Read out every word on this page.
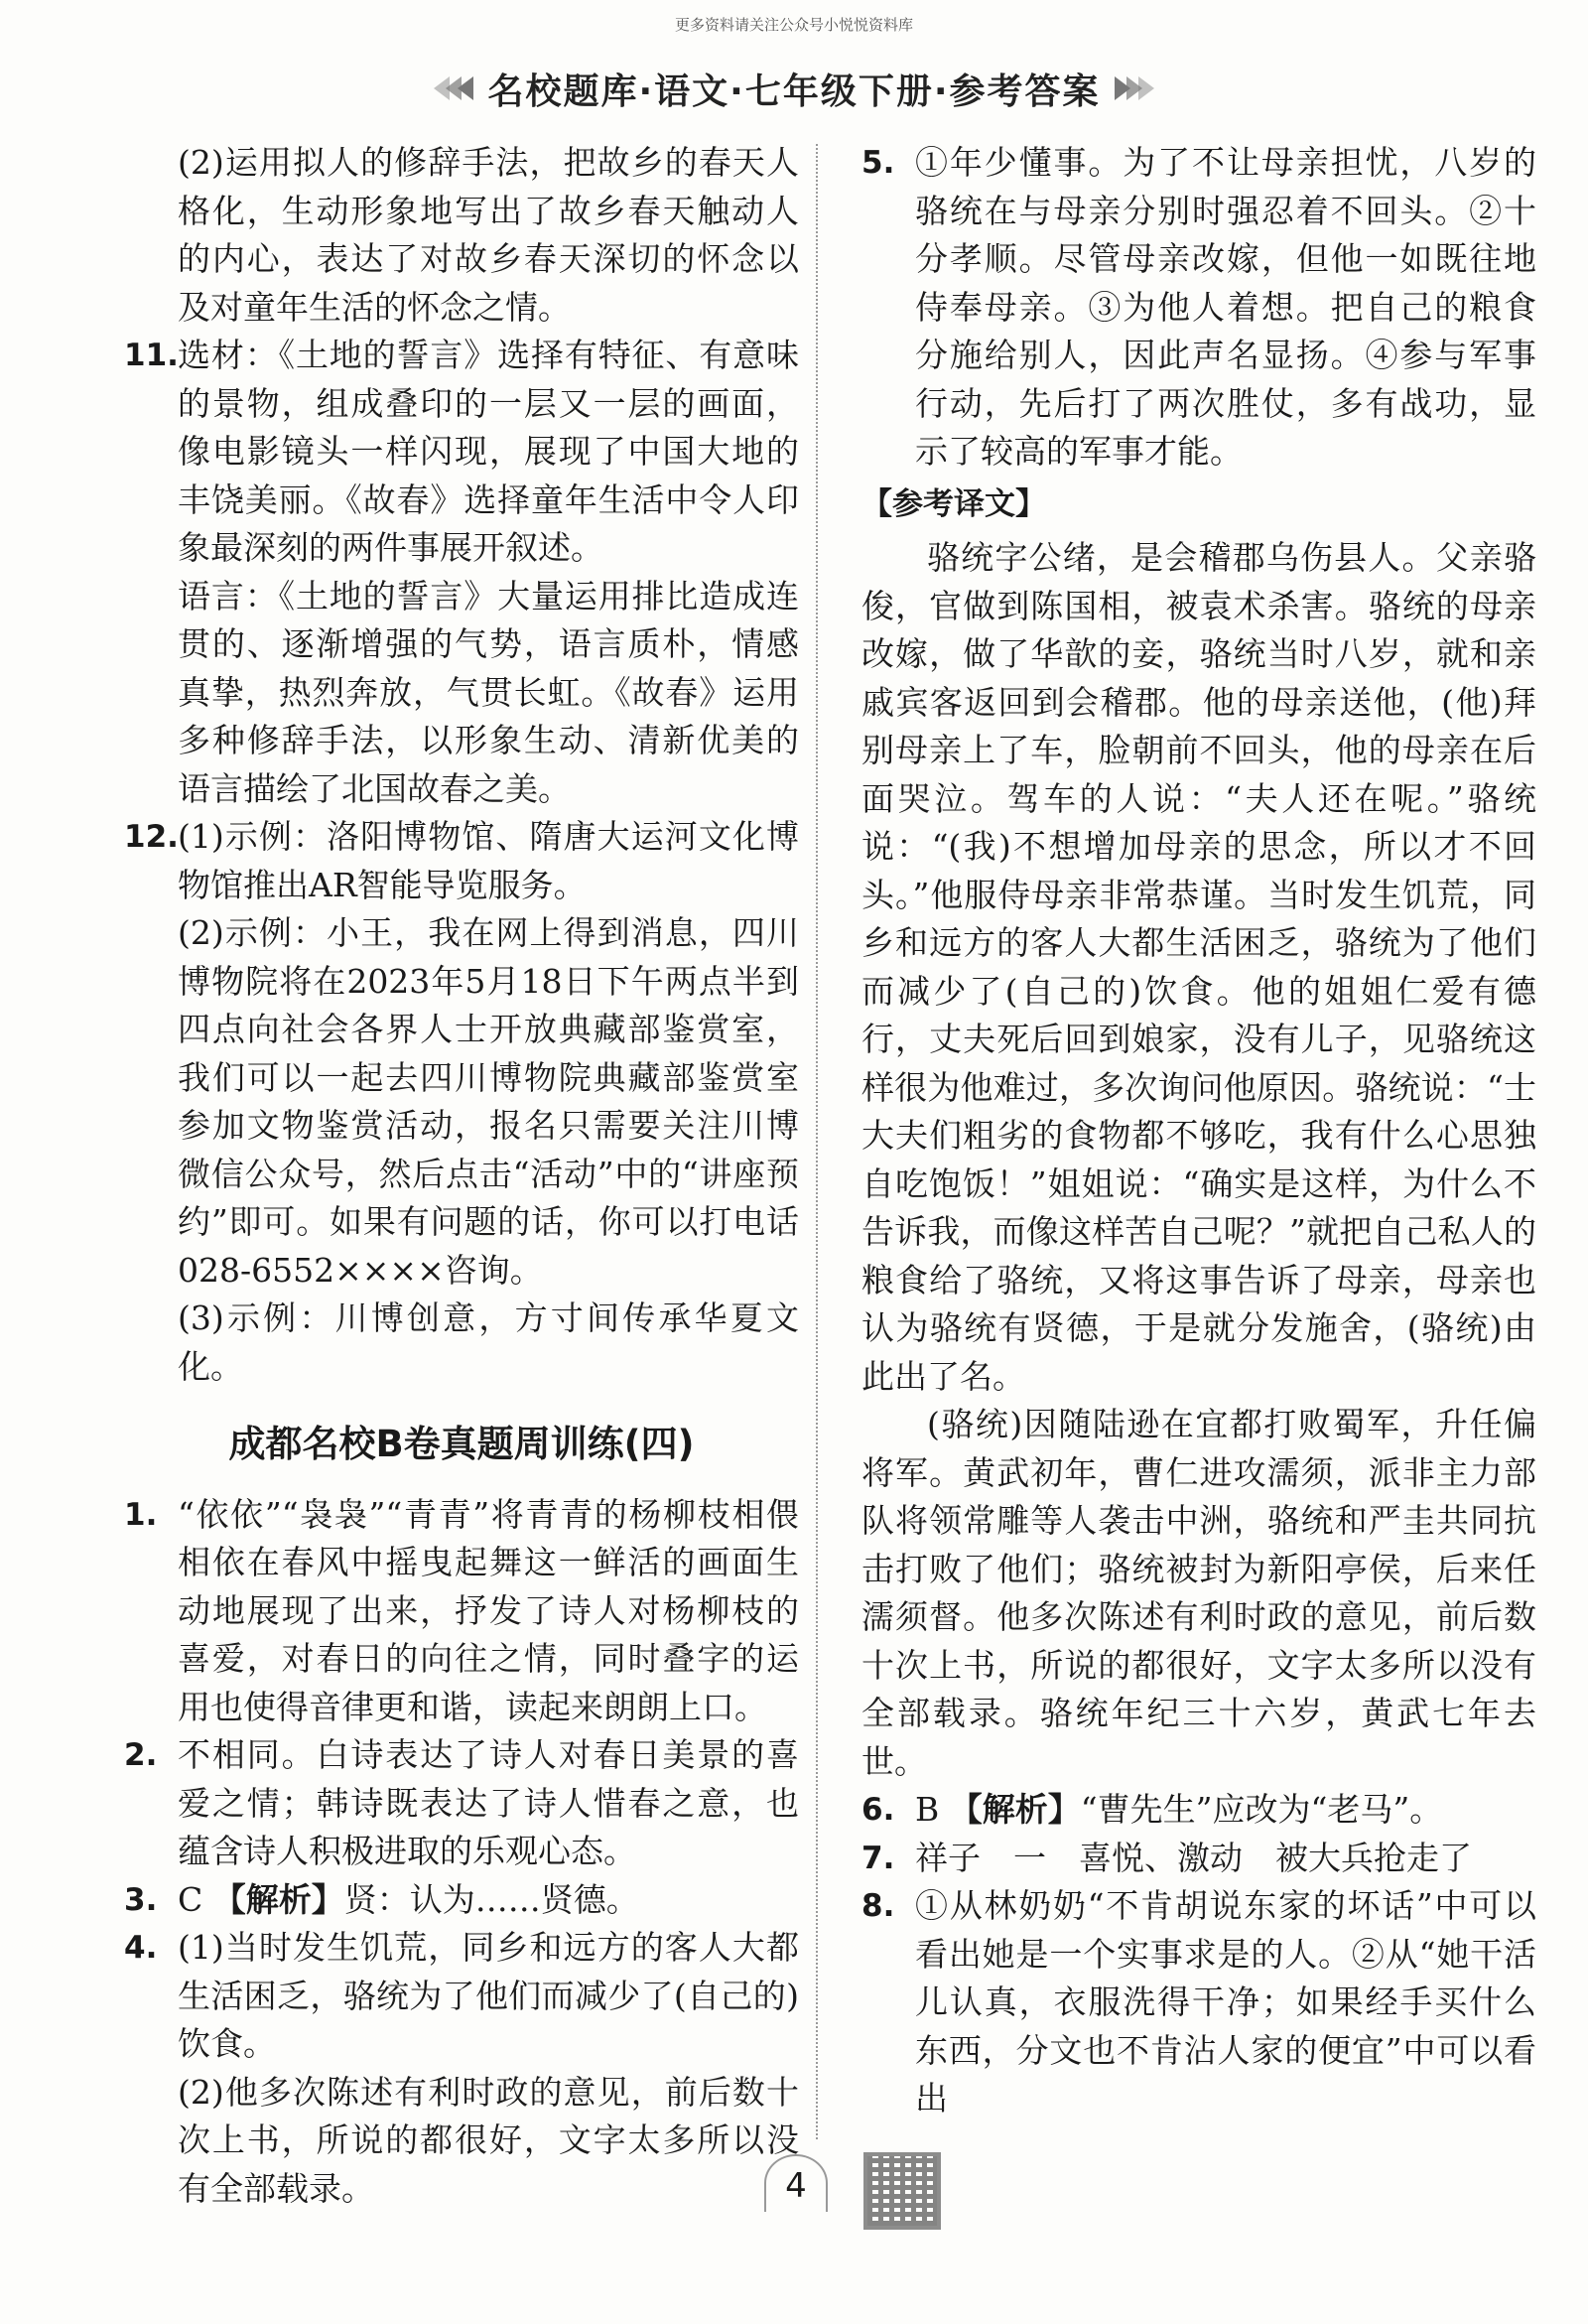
更多资料请关注公众号小悦悦资料库
名校题库·语文·七年级下册·参考答案

(2)运用拟人的修辞手法，把故乡的春天人格化，生动形象地写出了故乡春天触动人的内心，表达了对故乡春天深切的怀念以及对童年生活的怀念之情。

11. 选材：《土地的誓言》选择有特征、有意味的景物，组成叠印的一层又一层的画面，像电影镜头一样闪现，展现了中国大地的丰饶美丽。《故春》选择童年生活中令人印象最深刻的两件事展开叙述。

语言：《土地的誓言》大量运用排比造成连贯的、逐渐增强的气势，语言质朴，情感真挚，热烈奔放，气贯长虹。《故春》运用多种修辞手法，以形象生动、清新优美的语言描绘了北国故春之美。

12. (1)示例：洛阳博物馆、隋唐大运河文化博物馆推出AR智能导览服务。

(2)示例：小王，我在网上得到消息，四川博物院将在2023年5月18日下午两点半到四点向社会各界人士开放典藏部鉴赏室，我们可以一起去四川博物院典藏部鉴赏室参加文物鉴赏活动，报名只需要关注川博微信公众号，然后点击“活动”中的“讲座预约”即可。如果有问题的话，你可以打电话028-6552××××咨询。

(3)示例：川博创意，方寸间传承华夏文化。

成都名校B卷真题周训练(四)
1. “依依”“袅袅”“青青”将青青的杨柳枝相偎相依在春风中摇曳起舞这一鲜活的画面生动地展现了出来，抒发了诗人对杨柳枝的喜爱，对春日的向往之情，同时叠字的运用也使得音律更和谐，读起来朗朗上口。

2. 不相同。白诗表达了诗人对春日美景的喜爱之情；韩诗既表达了诗人惜春之意，也蕴含诗人积极进取的乐观心态。

3. C 【解析】贤：认为……贤德。

4. (1)当时发生饥荒，同乡和远方的客人大都生活困乏，骆统为了他们而减少了(自己的)饮食。

(2)他多次陈述有利时政的意见，前后数十次上书，所说的都很好，文字太多所以没有全部载录。

5. ①年少懂事。为了不让母亲担忧，八岁的骆统在与母亲分别时强忍着不回头。②十分孝顺。尽管母亲改嫁，但他一如既往地侍奉母亲。③为他人着想。把自己的粮食分施给别人，因此声名显扬。④参与军事行动，先后打了两次胜仗，多有战功，显示了较高的军事才能。

【参考译文】

骆统字公绪，是会稽郡乌伤县人。父亲骆俊，官做到陈国相，被袁术杀害。骆统的母亲改嫁，做了华歆的妾，骆统当时八岁，就和亲戚宾客返回到会稽郡。他的母亲送他，(他)拜别母亲上了车，脸朝前不回头，他的母亲在后面哭泣。驾车的人说：“夫人还在呢。”骆统说：“(我)不想增加母亲的思念，所以才不回头。”他服侍母亲非常恭谨。当时发生饥荒，同乡和远方的客人大都生活困乏，骆统为了他们而减少了(自己的)饮食。他的姐姐仁爱有德行，丈夫死后回到娘家，没有儿子，见骆统这样很为他难过，多次询问他原因。骆统说：“士大夫们粗劣的食物都不够吃，我有什么心思独自吃饱饭！”姐姐说：“确实是这样，为什么不告诉我，而像这样苦自己呢？”就把自己私人的粮食给了骆统，又将这事告诉了母亲，母亲也认为骆统有贤德，于是就分发施舍，(骆统)由此出了名。

(骆统)因随陆逊在宜都打败蜀军，升任偏将军。黄武初年，曹仁进攻濡须，派非主力部队将领常雕等人袭击中洲，骆统和严圭共同抗击打败了他们；骆统被封为新阳亭侯，后来任濡须督。他多次陈述有利时政的意见，前后数十次上书，所说的都很好，文字太多所以没有全部载录。骆统年纪三十六岁，黄武七年去世。

6. B 【解析】“曹先生”应改为“老马”。

7. 祥子　一　喜悦、激动　被大兵抢走了

8. ①从林奶奶“不肯胡说东家的坏话”中可以看出她是一个实事求是的人。②从“她干活儿认真，衣服洗得干净；如果经手买什么东西，分文也不肯沾人家的便宜”中可以看出

4
